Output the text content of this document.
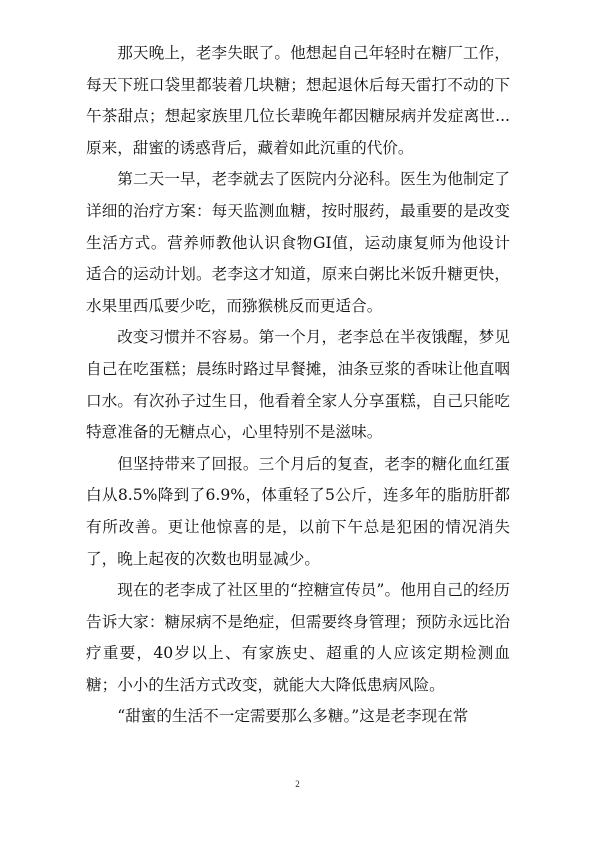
那天晚上，老李失眠了。他想起自己年轻时在糖厂工作，每天下班口袋里都装着几块糖；想起退休后每天雷打不动的下午茶甜点；想起家族里几位长辈晚年都因糖尿病并发症离世...原来，甜蜜的诱惑背后，藏着如此沉重的代价。

第二天一早，老李就去了医院内分泌科。医生为他制定了详细的治疗方案：每天监测血糖，按时服药，最重要的是改变生活方式。营养师教他认识食物GI值，运动康复师为他设计适合的运动计划。老李这才知道，原来白粥比米饭升糖更快，水果里西瓜要少吃，而猕猴桃反而更适合。

改变习惯并不容易。第一个月，老李总在半夜饿醒，梦见自己在吃蛋糕；晨练时路过早餐摊，油条豆浆的香味让他直咽口水。有次孙子过生日，他看着全家人分享蛋糕，自己只能吃特意准备的无糖点心，心里特别不是滋味。

但坚持带来了回报。三个月后的复查，老李的糖化血红蛋白从8.5%降到了6.9%，体重轻了5公斤，连多年的脂肪肝都有所改善。更让他惊喜的是，以前下午总是犯困的情况消失了，晚上起夜的次数也明显减少。

现在的老李成了社区里的“控糖宣传员”。他用自己的经历告诉大家：糖尿病不是绝症，但需要终身管理；预防永远比治疗重要，40岁以上、有家族史、超重的人应该定期检测血糖；小小的生活方式改变，就能大大降低患病风险。

“甜蜜的生活不一定需要那么多糖。”这是老李现在常

2
